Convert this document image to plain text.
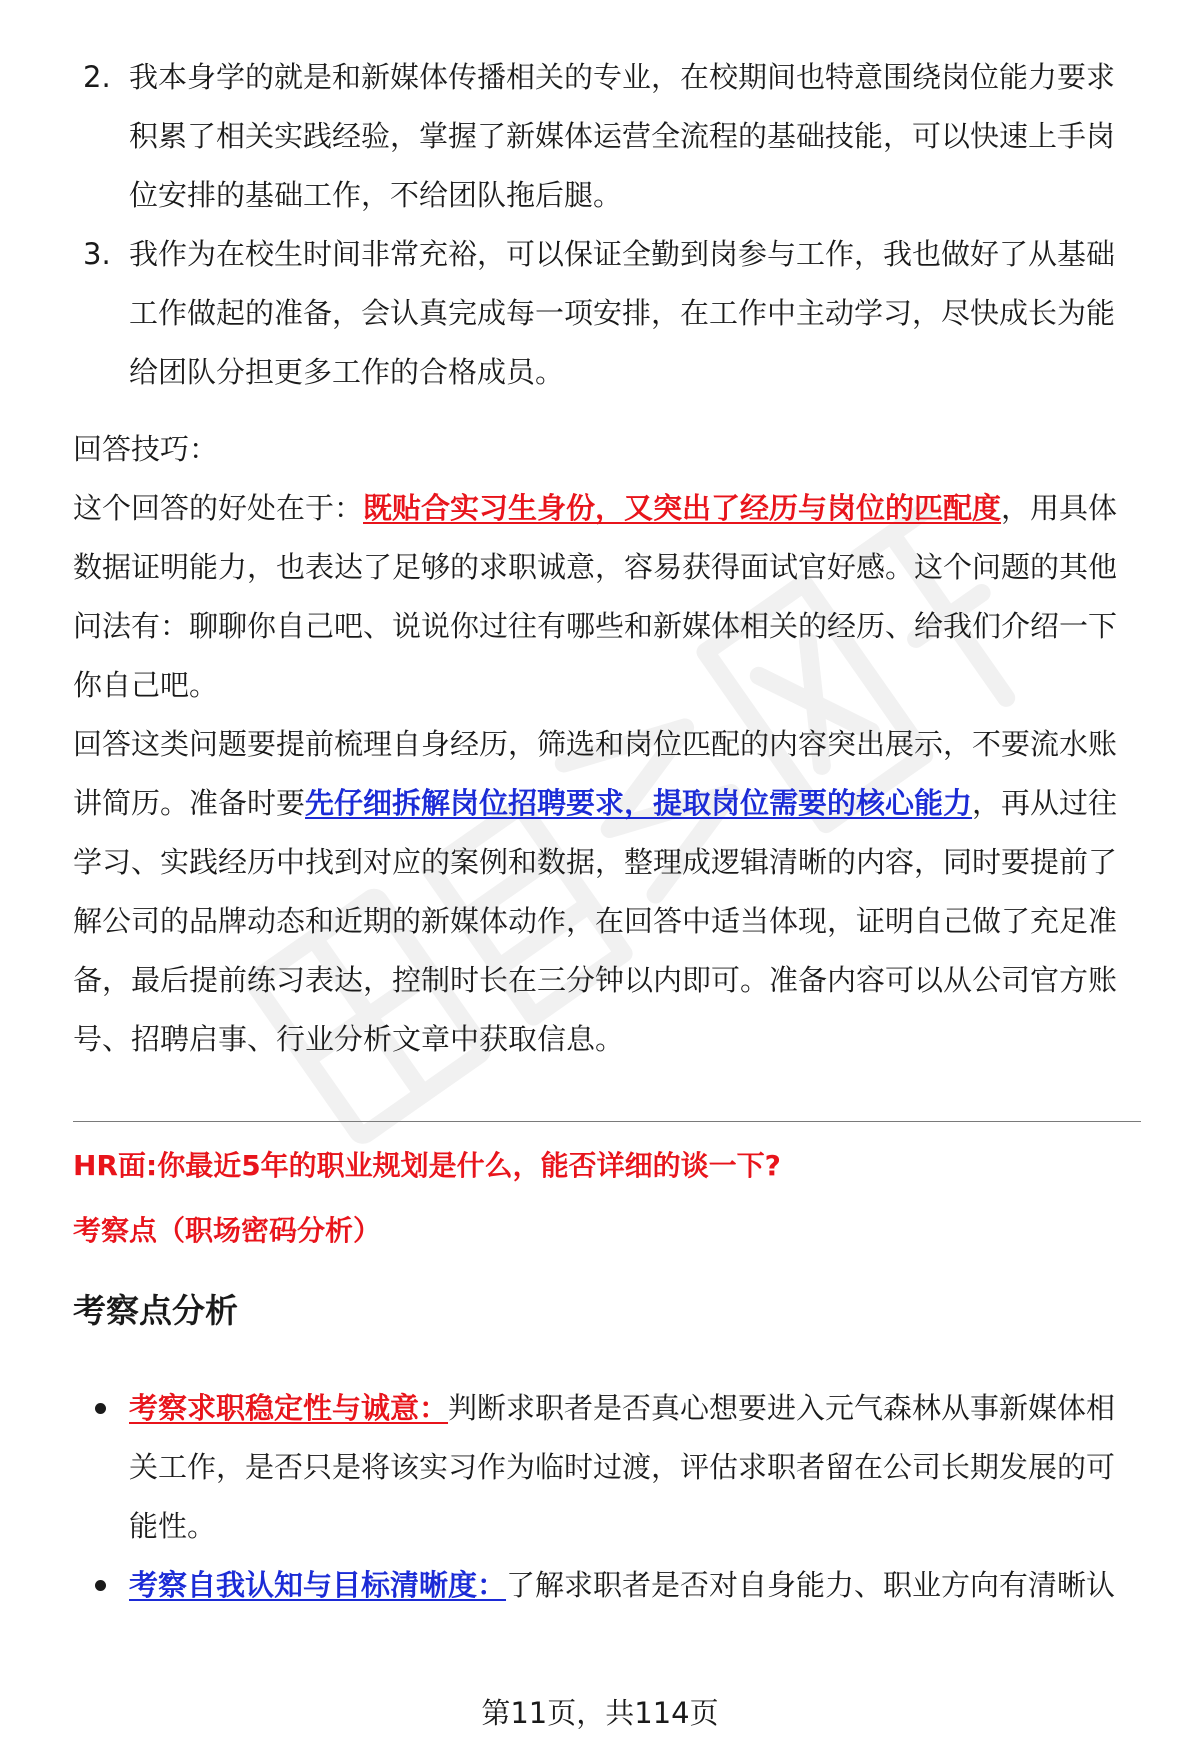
2. 我本身学的就是和新媒体传播相关的专业，在校期间也特意围绕岗位能力要求积累了相关实践经验，掌握了新媒体运营全流程的基础技能，可以快速上手岗位安排的基础工作，不给团队拖后腿。
3. 我作为在校生时间非常充裕，可以保证全勤到岗参与工作，我也做好了从基础工作做起的准备，会认真完成每一项安排，在工作中主动学习，尽快成长为能给团队分担更多工作的合格成员。
回答技巧：

这个回答的好处在于：既贴合实习生身份，又突出了经历与岗位的匹配度，用具体数据证明能力，也表达了足够的求职诚意，容易获得面试官好感。这个问题的其他问法有：聊聊你自己吧、说说你过往有哪些和新媒体相关的经历、给我们介绍一下你自己吧。

回答这类问题要提前梳理自身经历，筛选和岗位匹配的内容突出展示，不要流水账讲简历。准备时要先仔细拆解岗位招聘要求，提取岗位需要的核心能力，再从过往学习、实践经历中找到对应的案例和数据，整理成逻辑清晰的内容，同时要提前了解公司的品牌动态和近期的新媒体动作，在回答中适当体现，证明自己做了充足准备，最后提前练习表达，控制时长在三分钟以内即可。准备内容可以从公司官方账号、招聘启事、行业分析文章中获取信息。

HR面:你最近5年的职业规划是什么，能否详细的谈一下?
考察点（职场密码分析）
考察点分析
考察求职稳定性与诚意：判断求职者是否真心想要进入元气森林从事新媒体相关工作，是否只是将该实习作为临时过渡，评估求职者留在公司长期发展的可能性。
考察自我认知与目标清晰度：了解求职者是否对自身能力、职业方向有清晰认
第11页，共114页
